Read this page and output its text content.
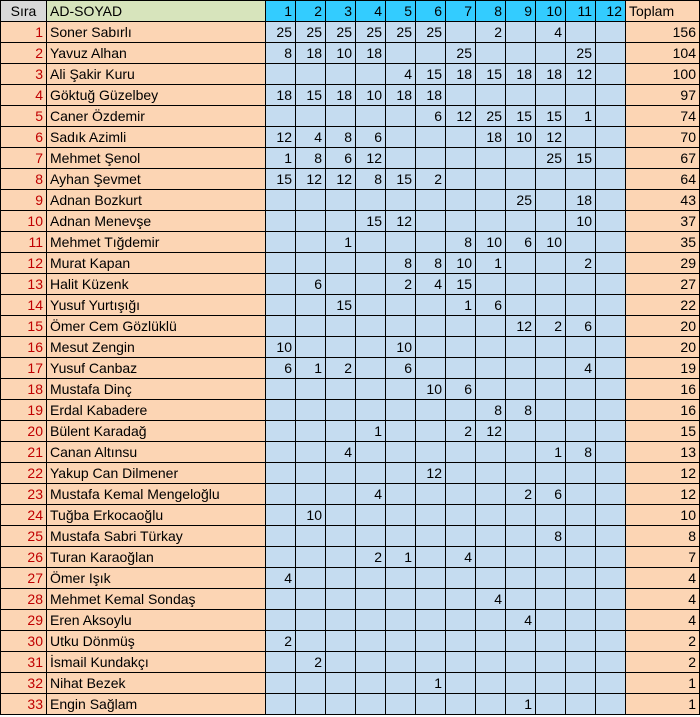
Sıra	AD-SOYAD	1	2	3	4	5	6	7	8	9	10	11	12	Toplam
1	Soner Sabırlı	25	25	25	25	25	25		2		4			156
2	Yavuz Alhan	8	18	10	18			25				25		104
3	Ali Şakir Kuru					4	15	18	15	18	18	12		100
4	Göktuğ Güzelbey	18	15	18	10	18	18							97
5	Caner Özdemir						6	12	25	15	15	1		74
6	Sadık Azimli	12	4	8	6				18	10	12			70
7	Mehmet Şenol	1	8	6	12						25	15		67
8	Ayhan Şevmet	15	12	12	8	15	2							64
9	Adnan Bozkurt									25		18		43
10	Adnan Menevşe				15	12						10		37
11	Mehmet Tığdemir			1				8	10	6	10			35
12	Murat Kapan					8	8	10	1			2		29
13	Halit Küzenk		6			2	4	15						27
14	Yusuf Yurtışığı			15				1	6					22
15	Ömer Cem Gözlüklü									12	2	6		20
16	Mesut Zengin	10				10								20
17	Yusuf Canbaz	6	1	2		6						4		19
18	Mustafa Dinç						10	6						16
19	Erdal Kabadere								8	8				16
20	Bülent Karadağ				1			2	12					15
21	Canan Altınsu			4							1	8		13
22	Yakup Can Dilmener						12							12
23	Mustafa Kemal Mengeloğlu				4					2	6			12
24	Tuğba Erkocaoğlu		10											10
25	Mustafa Sabri Türkay										8			8
26	Turan Karaoğlan				2	1		4						7
27	Ömer Işık	4												4
28	Mehmet Kemal Sondaş								4					4
29	Eren Aksoylu									4				4
30	Utku Dönmüş	2												2
31	İsmail Kundakçı		2											2
32	Nihat Bezek						1							1
33	Engin Sağlam									1				1
